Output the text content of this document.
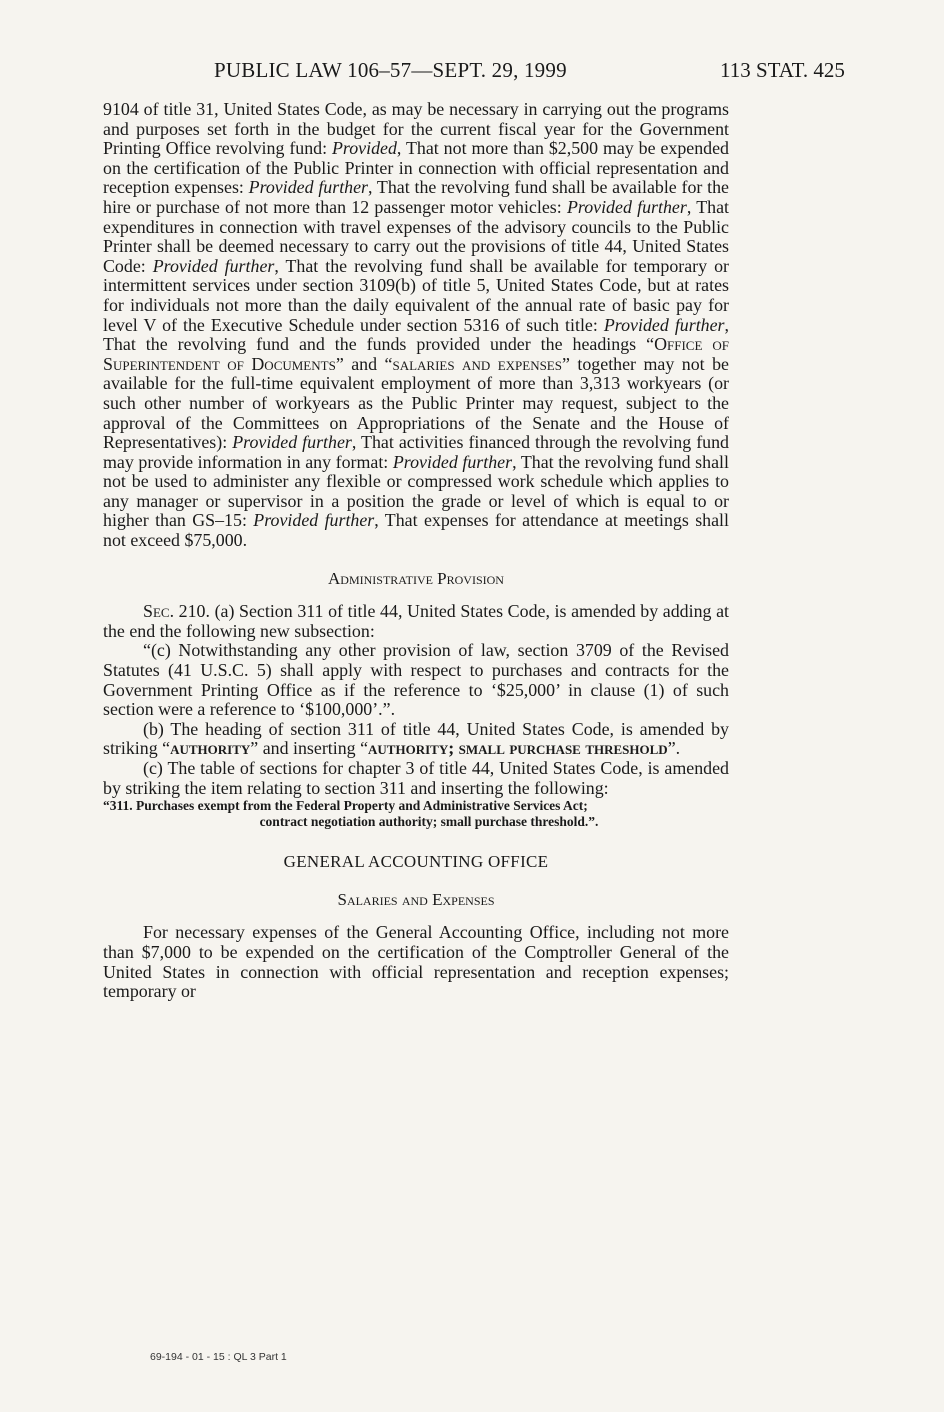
PUBLIC LAW 106–57—SEPT. 29, 1999	113 STAT. 425

9104 of title 31, United States Code, as may be necessary in carrying out the programs and purposes set forth in the budget for the current fiscal year for the Government Printing Office revolving fund: Provided, That not more than $2,500 may be expended on the certification of the Public Printer in connection with official representation and reception expenses: Provided further, That the revolving fund shall be available for the hire or purchase of not more than 12 passenger motor vehicles: Provided further, That expenditures in connection with travel expenses of the advisory councils to the Public Printer shall be deemed necessary to carry out the provisions of title 44, United States Code: Provided further, That the revolving fund shall be available for temporary or intermittent services under section 3109(b) of title 5, United States Code, but at rates for individuals not more than the daily equivalent of the annual rate of basic pay for level V of the Executive Schedule under section 5316 of such title: Provided further, That the revolving fund and the funds provided under the headings “Office of Superintendent of Documents” and “salaries and expenses” together may not be available for the full-time equivalent employment of more than 3,313 workyears (or such other number of workyears as the Public Printer may request, subject to the approval of the Committees on Appropriations of the Senate and the House of Representatives): Provided further, That activities financed through the revolving fund may provide information in any format: Provided further, That the revolving fund shall not be used to administer any flexible or compressed work schedule which applies to any manager or supervisor in a position the grade or level of which is equal to or higher than GS–15: Provided further, That expenses for attendance at meetings shall not exceed $75,000.

Administrative Provision

Sec. 210. (a) Section 311 of title 44, United States Code, is amended by adding at the end the following new subsection:

“(c) Notwithstanding any other provision of law, section 3709 of the Revised Statutes (41 U.S.C. 5) shall apply with respect to purchases and contracts for the Government Printing Office as if the reference to ‘$25,000’ in clause (1) of such section were a reference to ‘$100,000’.”.

(b) The heading of section 311 of title 44, United States Code, is amended by striking “authority” and inserting “authority; small purchase threshold”.

(c) The table of sections for chapter 3 of title 44, United States Code, is amended by striking the item relating to section 311 and inserting the following:

“311. Purchases exempt from the Federal Property and Administrative Services Act;
contract negotiation authority; small purchase threshold.”.

GENERAL ACCOUNTING OFFICE
Salaries and Expenses

For necessary expenses of the General Accounting Office, including not more than $7,000 to be expended on the certification of the Comptroller General of the United States in connection with official representation and reception expenses; temporary or

69-194 - 01 - 15 : QL 3 Part 1
